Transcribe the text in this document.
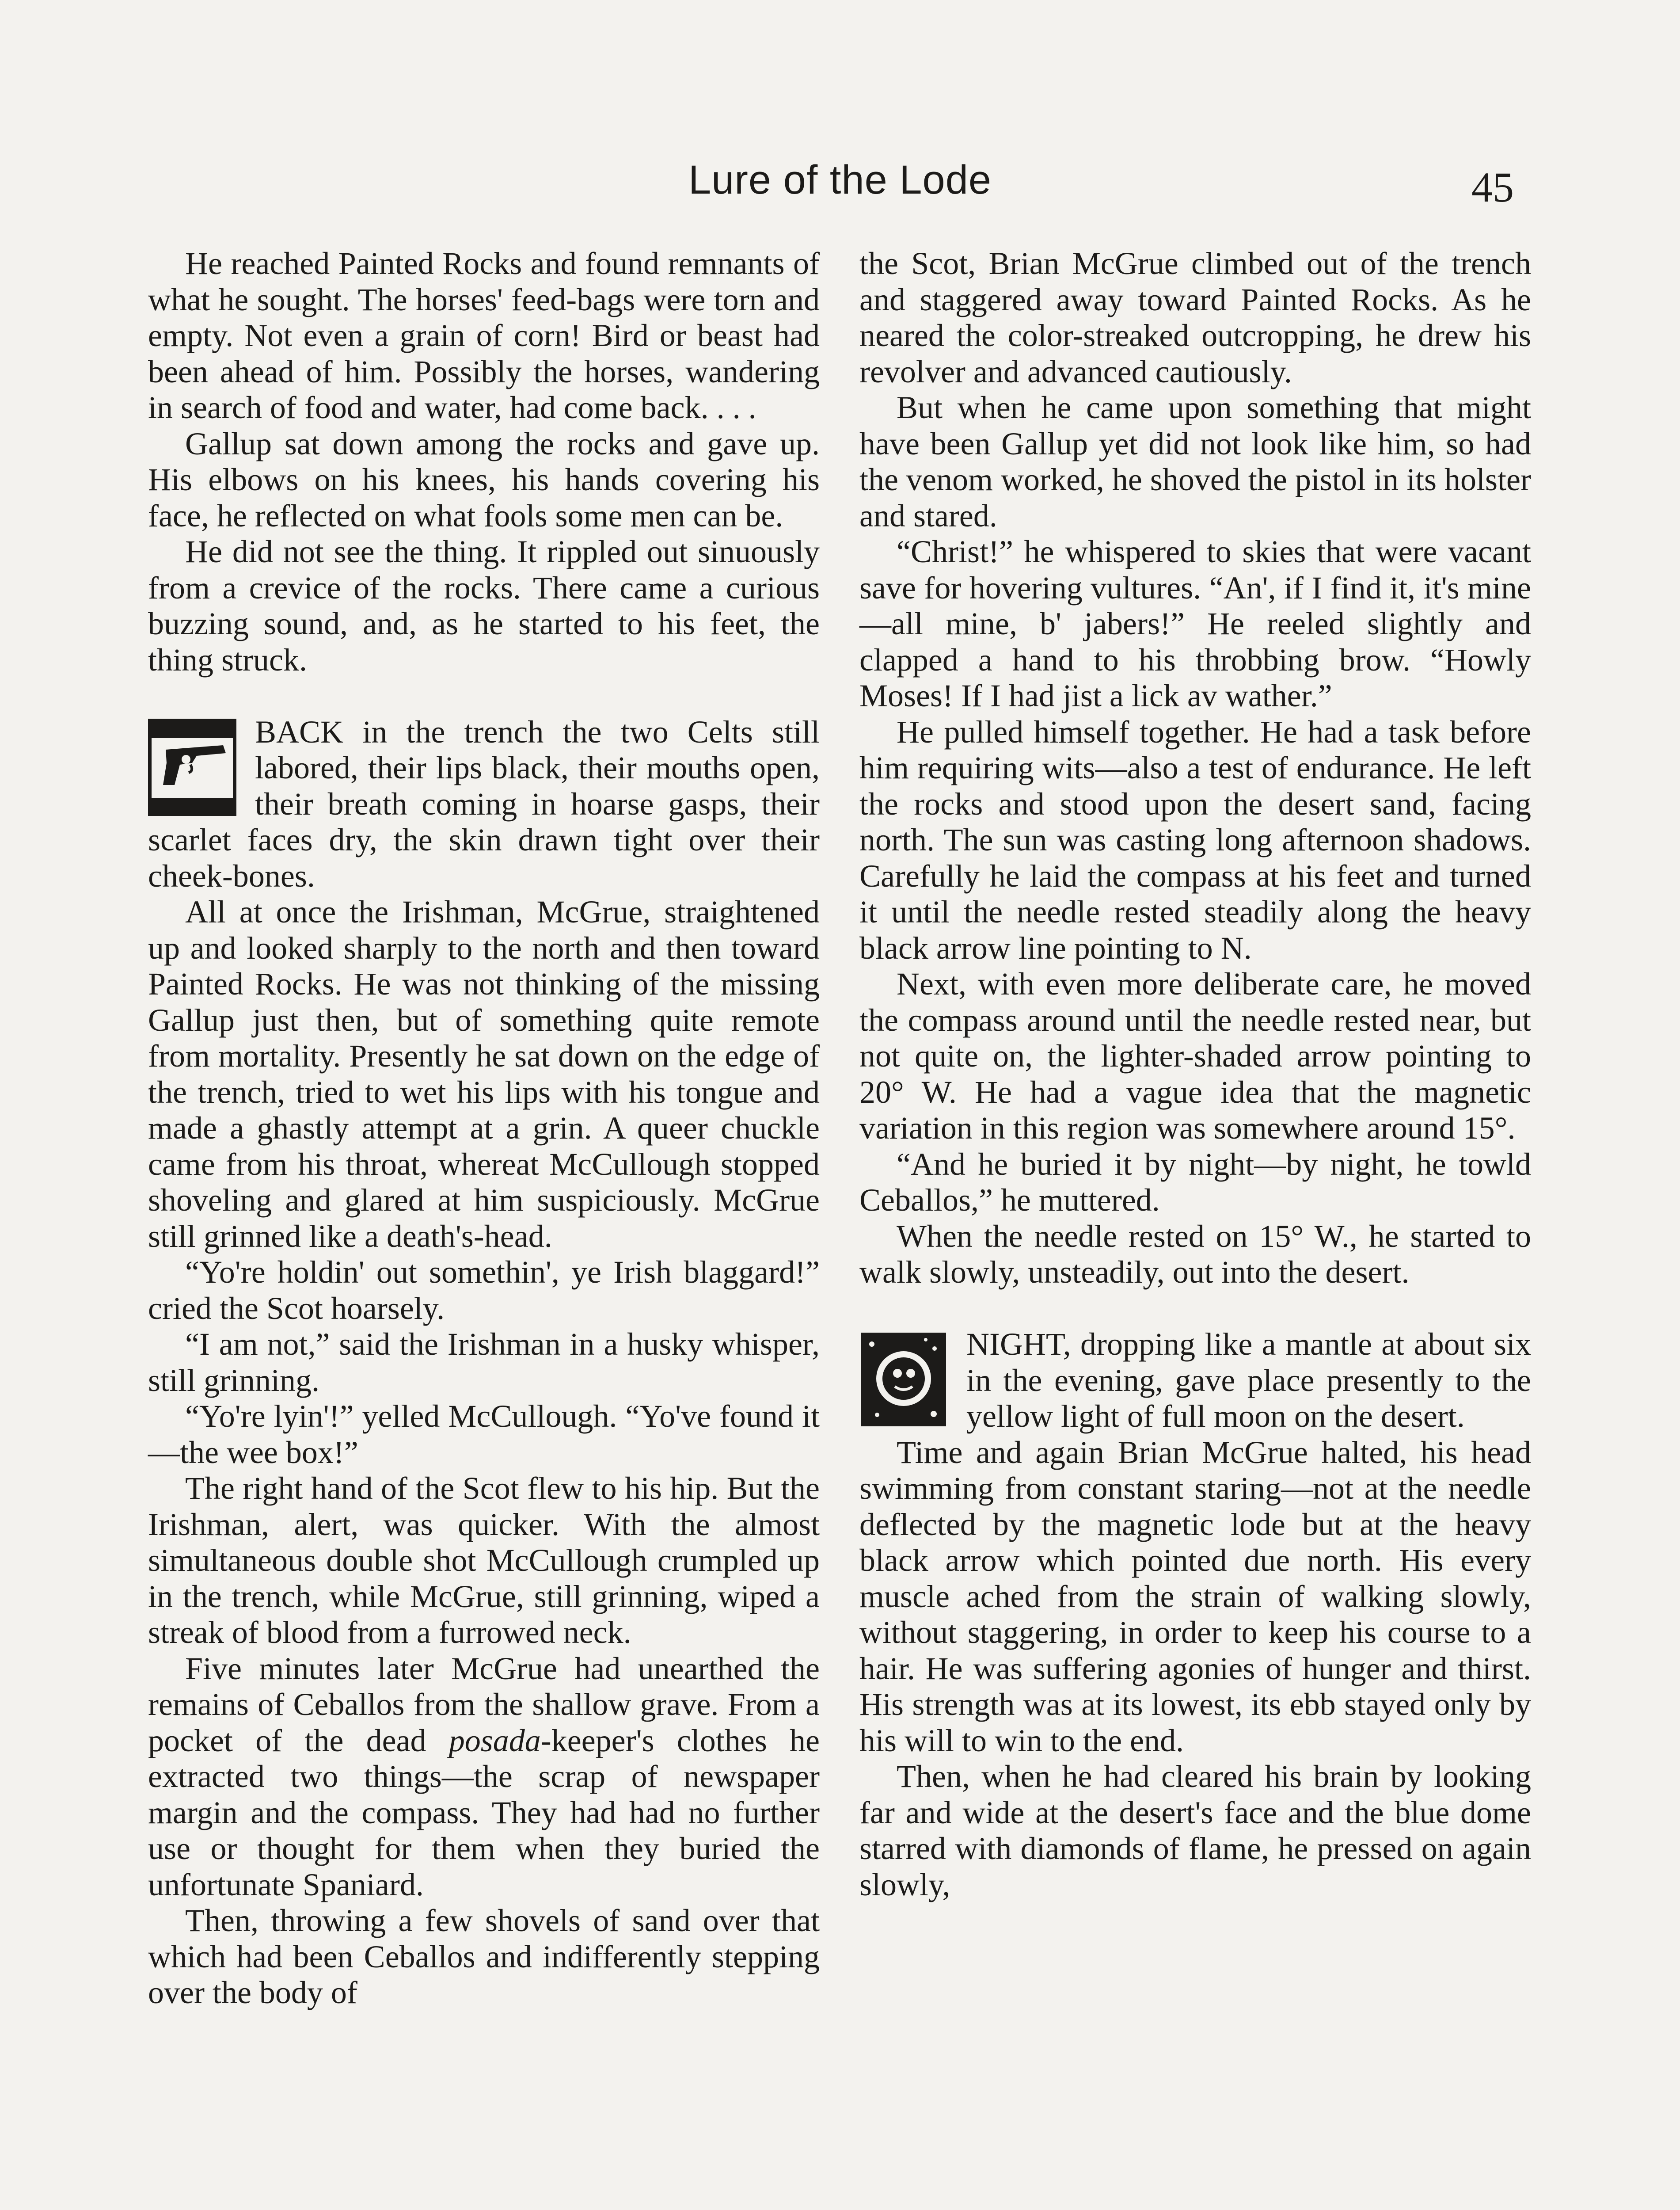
Lure of the Lode	45

He reached Painted Rocks and found remnants of what he sought. The horses' feed-bags were torn and empty. Not even a grain of corn! Bird or beast had been ahead of him. Possibly the horses, wandering in search of food and water, had come back. . . .

Gallup sat down among the rocks and gave up. His elbows on his knees, his hands covering his face, he reflected on what fools some men can be.

He did not see the thing. It rippled out sinuously from a crevice of the rocks. There came a curious buzzing sound, and, as he started to his feet, the thing struck.

BACK in the trench the two Celts still labored, their lips black, their mouths open, their breath coming in hoarse gasps, their scarlet faces dry, the skin drawn tight over their cheek-bones.

All at once the Irishman, McGrue, straightened up and looked sharply to the north and then toward Painted Rocks. He was not thinking of the missing Gallup just then, but of something quite remote from mortality. Presently he sat down on the edge of the trench, tried to wet his lips with his tongue and made a ghastly attempt at a grin. A queer chuckle came from his throat, whereat McCullough stopped shoveling and glared at him suspiciously. McGrue still grinned like a death's-head.

“Yo're holdin' out somethin', ye Irish blaggard!” cried the Scot hoarsely.

“I am not,” said the Irishman in a husky whisper, still grinning.

“Yo're lyin'!” yelled McCullough. “Yo've found it—the wee box!”

The right hand of the Scot flew to his hip. But the Irishman, alert, was quicker. With the almost simultaneous double shot McCullough crumpled up in the trench, while McGrue, still grinning, wiped a streak of blood from a furrowed neck.

Five minutes later McGrue had unearthed the remains of Ceballos from the shallow grave. From a pocket of the dead posada-keeper's clothes he extracted two things—the scrap of newspaper margin and the compass. They had had no further use or thought for them when they buried the unfortunate Spaniard.

Then, throwing a few shovels of sand over that which had been Ceballos and indifferently stepping over the body of

the Scot, Brian McGrue climbed out of the trench and staggered away toward Painted Rocks. As he neared the color-streaked outcropping, he drew his revolver and advanced cautiously.

But when he came upon something that might have been Gallup yet did not look like him, so had the venom worked, he shoved the pistol in its holster and stared.

“Christ!” he whispered to skies that were vacant save for hovering vultures. “An', if I find it, it's mine—all mine, b' jabers!” He reeled slightly and clapped a hand to his throbbing brow. “Howly Moses! If I had jist a lick av wather.”

He pulled himself together. He had a task before him requiring wits—also a test of endurance. He left the rocks and stood upon the desert sand, facing north. The sun was casting long afternoon shadows. Carefully he laid the compass at his feet and turned it until the needle rested steadily along the heavy black arrow line pointing to N.

Next, with even more deliberate care, he moved the compass around until the needle rested near, but not quite on, the lighter-shaded arrow pointing to 20° W. He had a vague idea that the magnetic variation in this region was somewhere around 15°.

“And he buried it by night—by night, he towld Ceballos,” he muttered.

When the needle rested on 15° W., he started to walk slowly, unsteadily, out into the desert.

NIGHT, dropping like a mantle at about six in the evening, gave place presently to the yellow light of full moon on the desert.

Time and again Brian McGrue halted, his head swimming from constant staring—not at the needle deflected by the magnetic lode but at the heavy black arrow which pointed due north. His every muscle ached from the strain of walking slowly, without staggering, in order to keep his course to a hair. He was suffering agonies of hunger and thirst. His strength was at its lowest, its ebb stayed only by his will to win to the end.

Then, when he had cleared his brain by looking far and wide at the desert's face and the blue dome starred with diamonds of flame, he pressed on again slowly,
